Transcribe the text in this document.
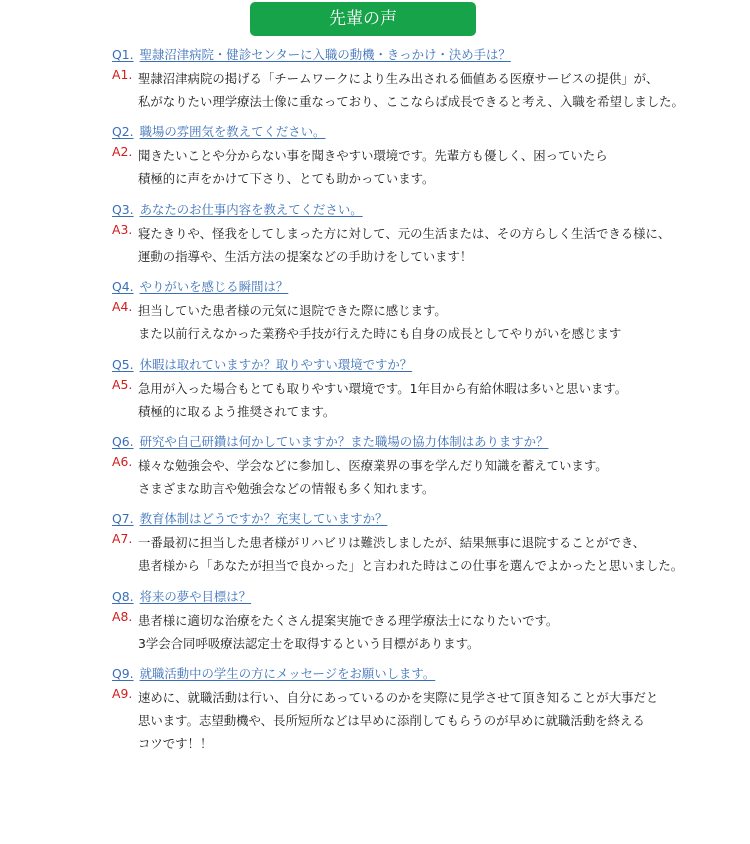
先輩の声
Q1. 聖隷沼津病院・健診センターに入職の動機・きっかけ・決め手は？
A1. 聖隷沼津病院の掲げる「チームワークにより生み出される価値ある医療サービスの提供」が、
私がなりたい理学療法士像に重なっており、ここならば成長できると考え、入職を希望しました。
Q2. 職場の雰囲気を教えてください。
A2. 聞きたいことや分からない事を聞きやすい環境です。先輩方も優しく、困っていたら
積極的に声をかけて下さり、とても助かっています。
Q3. あなたのお仕事内容を教えてください。
A3. 寝たきりや、怪我をしてしまった方に対して、元の生活または、その方らしく生活できる様に、
運動の指導や、生活方法の提案などの手助けをしています！
Q4. やりがいを感じる瞬間は？
A4. 担当していた患者様の元気に退院できた際に感じます。
また以前行えなかった業務や手技が行えた時にも自身の成長としてやりがいを感じます
Q5. 休暇は取れていますか？取りやすい環境ですか？
A5. 急用が入った場合もとても取りやすい環境です。1年目から有給休暇は多いと思います。
積極的に取るよう推奨されてます。
Q6. 研究や自己研鑽は何かしていますか？また職場の協力体制はありますか？
A6. 様々な勉強会や、学会などに参加し、医療業界の事を学んだり知識を蓄えています。
さまざまな助言や勉強会などの情報も多く知れます。
Q7. 教育体制はどうですか？充実していますか？
A7. 一番最初に担当した患者様がリハビリは難渋しましたが、結果無事に退院することができ、
患者様から「あなたが担当で良かった」と言われた時はこの仕事を選んでよかったと思いました。
Q8. 将来の夢や目標は？
A8. 患者様に適切な治療をたくさん提案実施できる理学療法士になりたいです。
3学会合同呼吸療法認定士を取得するという目標があります。
Q9. 就職活動中の学生の方にメッセージをお願いします。
A9. 速めに、就職活動は行い、自分にあっているのかを実際に見学させて頂き知ることが大事だと
思います。志望動機や、長所短所などは早めに添削してもらうのが早めに就職活動を終える
コツです！！
